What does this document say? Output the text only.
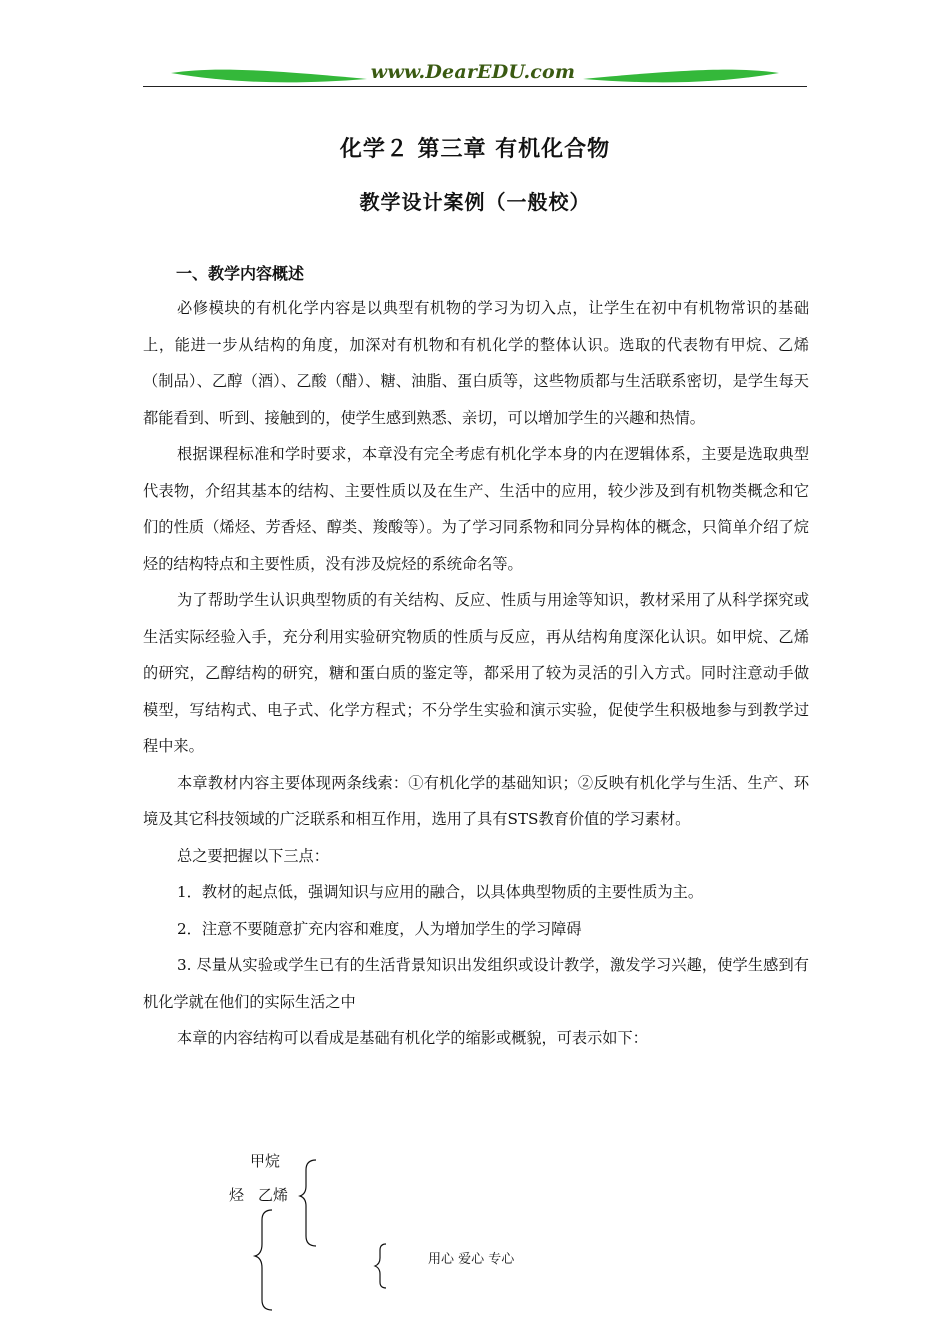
www.DearEDU.com
化学２ 第三章 有机化合物
教学设计案例（一般校）
一、教学内容概述

必修模块的有机化学内容是以典型有机物的学习为切入点，让学生在初中有机物常识的基础上，能进一步从结构的角度，加深对有机物和有机化学的整体认识。选取的代表物有甲烷、乙烯（制品）、乙醇（酒）、乙酸（醋）、糖、油脂、蛋白质等，这些物质都与生活联系密切，是学生每天都能看到、听到、接触到的，使学生感到熟悉、亲切，可以增加学生的兴趣和热情。

根据课程标准和学时要求，本章没有完全考虑有机化学本身的内在逻辑体系，主要是选取典型代表物，介绍其基本的结构、主要性质以及在生产、生活中的应用，较少涉及到有机物类概念和它们的性质（烯烃、芳香烃、醇类、羧酸等）。为了学习同系物和同分异构体的概念，只简单介绍了烷烃的结构特点和主要性质，没有涉及烷烃的系统命名等。

为了帮助学生认识典型物质的有关结构、反应、性质与用途等知识，教材采用了从科学探究或生活实际经验入手，充分利用实验研究物质的性质与反应，再从结构角度深化认识。如甲烷、乙烯的研究，乙醇结构的研究，糖和蛋白质的鉴定等，都采用了较为灵活的引入方式。同时注意动手做模型，写结构式、电子式、化学方程式；不分学生实验和演示实验，促使学生积极地参与到教学过程中来。

本章教材内容主要体现两条线索：①有机化学的基础知识；②反映有机化学与生活、生产、环境及其它科技领域的广泛联系和相互作用，选用了具有STS教育价值的学习素材。

总之要把握以下三点：

1．教材的起点低，强调知识与应用的融合，以具体典型物质的主要性质为主。

2．注意不要随意扩充内容和难度，人为增加学生的学习障碍

3. 尽量从实验或学生已有的生活背景知识出发组织或设计教学，激发学习兴趣，使学生感到有机化学就在他们的实际生活之中

本章的内容结构可以看成是基础有机化学的缩影或概貌，可表示如下：

甲烷
烃 乙烯
用心 爱心 专心
